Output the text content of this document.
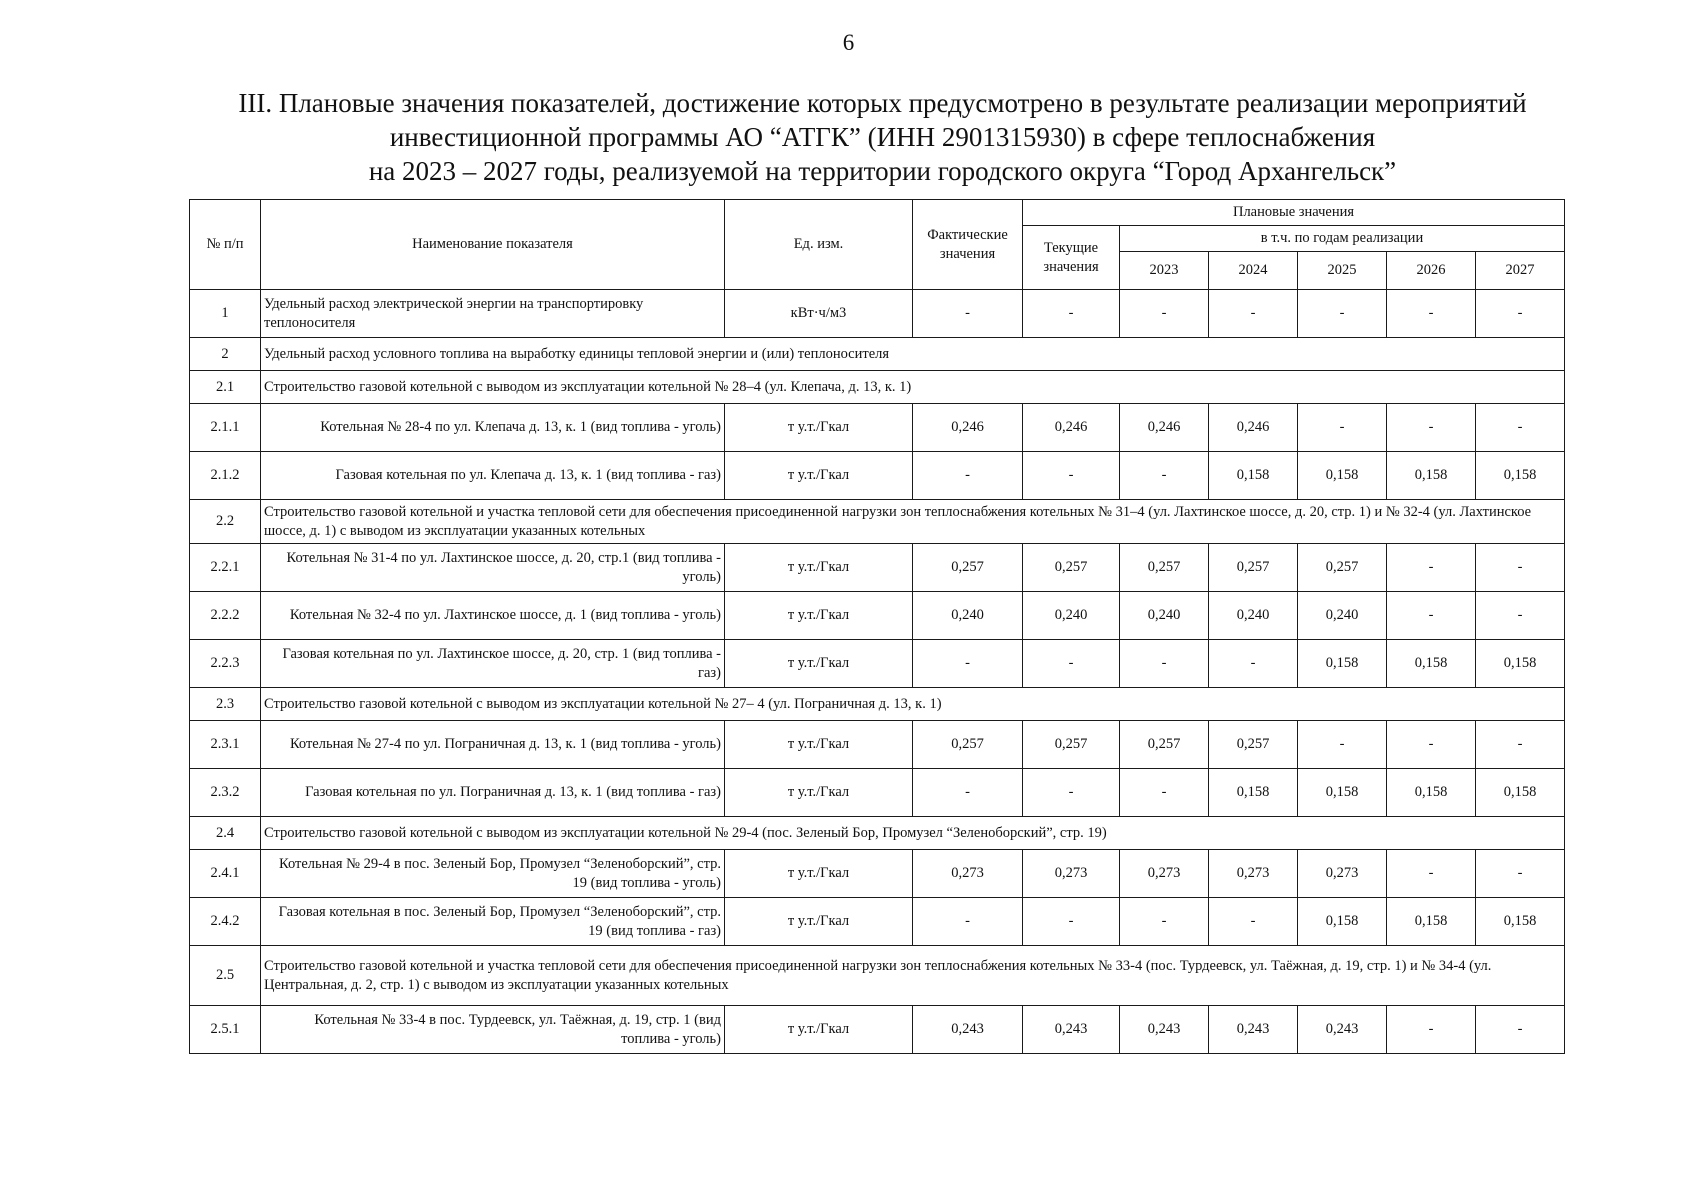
6
III. Плановые значения показателей, достижение которых предусмотрено в результате реализации мероприятий
инвестиционной программы АО “АТГК” (ИНН 2901315930) в сфере теплоснабжения
на 2023 – 2027 годы, реализуемой на территории городского округа “Город Архангельск”
№ п/п	Наименование показателя	Ед. изм.	Фактические значения	Плановые значения					
				Текущие значения	в т.ч. по годам реализации				
					2023	2024	2025	2026	2027
1	Удельный расход электрической энергии на транспортировку теплоносителя	кВт·ч/м3	-	-	-	-	-	-	-
2	Удельный расход условного топлива на выработку единицы тепловой энергии и (или) теплоносителя								
2.1	Строительство газовой котельной с выводом из эксплуатации котельной № 28–4 (ул. Клепача, д. 13, к. 1)								
2.1.1	Котельная № 28-4 по ул. Клепача д. 13, к. 1 (вид топлива - уголь)	т у.т./Гкал	0,246	0,246	0,246	0,246	-	-	-
2.1.2	Газовая котельная по ул. Клепача д. 13, к. 1 (вид топлива - газ)	т у.т./Гкал	-	-	-	0,158	0,158	0,158	0,158
2.2	Строительство газовой котельной и участка тепловой сети для обеспечения присоединенной нагрузки зон теплоснабжения котельных № 31–4 (ул. Лахтинское шоссе, д. 20, стр. 1) и № 32-4 (ул. Лахтинское шоссе, д. 1) с выводом из эксплуатации указанных котельных								
2.2.1	Котельная № 31-4 по ул. Лахтинское шоссе, д. 20, стр.1 (вид топлива - уголь)	т у.т./Гкал	0,257	0,257	0,257	0,257	0,257	-	-
2.2.2	Котельная № 32-4 по ул. Лахтинское шоссе, д. 1 (вид топлива - уголь)	т у.т./Гкал	0,240	0,240	0,240	0,240	0,240	-	-
2.2.3	Газовая котельная по ул. Лахтинское шоссе, д. 20, стр. 1 (вид топлива - газ)	т у.т./Гкал	-	-	-	-	0,158	0,158	0,158
2.3	Строительство газовой котельной с выводом из эксплуатации котельной № 27– 4 (ул. Пограничная д. 13, к. 1)								
2.3.1	Котельная № 27-4 по ул. Пограничная д. 13, к. 1 (вид топлива - уголь)	т у.т./Гкал	0,257	0,257	0,257	0,257	-	-	-
2.3.2	Газовая котельная по ул. Пограничная д. 13, к. 1 (вид топлива - газ)	т у.т./Гкал	-	-	-	0,158	0,158	0,158	0,158
2.4	Строительство газовой котельной с выводом из эксплуатации котельной № 29-4 (пос. Зеленый Бор, Промузел “Зеленоборский”, стр. 19)								
2.4.1	Котельная № 29-4 в пос. Зеленый Бор, Промузел “Зеленоборский”, стр. 19 (вид топлива - уголь)	т у.т./Гкал	0,273	0,273	0,273	0,273	0,273	-	-
2.4.2	Газовая котельная в пос. Зеленый Бор, Промузел “Зеленоборский”, стр. 19 (вид топлива - газ)	т у.т./Гкал	-	-	-	-	0,158	0,158	0,158
2.5	Строительство газовой котельной и участка тепловой сети для обеспечения присоединенной нагрузки зон теплоснабжения котельных № 33-4 (пос. Турдеевск, ул. Таёжная, д. 19, стр. 1) и № 34-4 (ул. Центральная, д. 2, стр. 1) с выводом из эксплуатации указанных котельных								
2.5.1	Котельная № 33-4 в пос. Турдеевск, ул. Таёжная, д. 19, стр. 1 (вид топлива - уголь)	т у.т./Гкал	0,243	0,243	0,243	0,243	0,243	-	-
